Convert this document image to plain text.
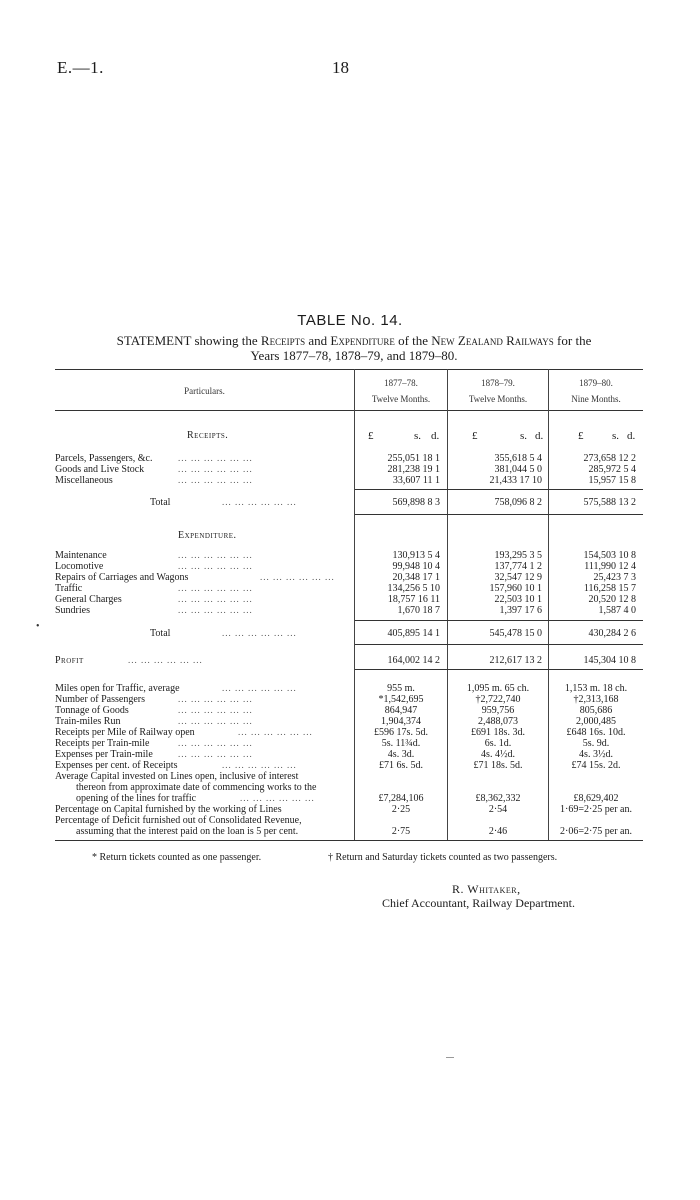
E.—1.	18
TABLE No. 14.
STATEMENT showing the Receipts and Expenditure of the New Zealand Railways for the
Years 1877–78, 1878–79, and 1879–80.
Particulars.
1877–78.
Twelve Months.
1878–79.
Twelve Months.
1879–80.
Nine Months.
Receipts.	£	s. d.	£	s. d.	£	s. d.
Parcels, Passengers, &c.	... ... ... ... ... ...	255,051 18 1	355,618 5 4	273,658 12 2
Goods and Live Stock	... ... ... ... ... ...	281,238 19 1	381,044 5 0	285,972 5 4
Miscellaneous	... ... ... ... ... ...	33,607 11 1	21,433 17 10	15,957 15 8
Total	... ... ... ... ... ...	569,898 8 3	758,096 8 2	575,588 13 2
Expenditure.
Maintenance	... ... ... ... ... ...	130,913 5 4	193,295 3 5	154,503 10 8
Locomotive	... ... ... ... ... ...	99,948 10 4	137,774 1 2	111,990 12 4
Repairs of Carriages and Wagons	... ... ... ... ... ...	20,348 17 1	32,547 12 9	25,423 7 3
Traffic	... ... ... ... ... ...	134,256 5 10	157,960 10 1	116,258 15 7
General Charges	... ... ... ... ... ...	18,757 16 11	22,503 10 1	20,520 12 8
Sundries	... ... ... ... ... ...	1,670 18 7	1,397 17 6	1,587 4 0
•
Total	... ... ... ... ... ...	405,895 14 1	545,478 15 0	430,284 2 6
Profit	... ... ... ... ... ...	164,002 14 2	212,617 13 2	145,304 10 8
Miles open for Traffic, average	... ... ... ... ... ...	955 m.	1,095 m. 65 ch.	1,153 m. 18 ch.
Number of Passengers	... ... ... ... ... ...	*1,542,695	†2,722,740	†2,313,168
Tonnage of Goods	... ... ... ... ... ...	864,947	959,756	805,686
Train-miles Run	... ... ... ... ... ...	1,904,374	2,488,073	2,000,485
Receipts per Mile of Railway open	... ... ... ... ... ...	£596 17s. 5d.	£691 18s. 3d.	£648 16s. 10d.
Receipts per Train-mile	... ... ... ... ... ...	5s. 11¾d.	6s. 1d.	5s. 9d.
Expenses per Train-mile	... ... ... ... ... ...	4s. 3d.	4s. 4½d.	4s. 3½d.
Expenses per cent. of Receipts	... ... ... ... ... ...	£71 6s. 5d.	£71 18s. 5d.	£74 15s. 2d.
Average Capital invested on Lines open, inclusive of interest
thereon from approximate date of commencing works to the
opening of the lines for traffic	... ... ... ... ... ...	£7,284,106	£8,362,332	£8,629,402
Percentage on Capital furnished by the working of Lines	2·25	2·54	1·69=2·25 per an.
Percentage of Deficit furnished out of Consolidated Revenue,
assuming that the interest paid on the loan is 5 per cent.	2·75	2·46	2·06=2·75 per an.
* Return tickets counted as one passenger.	† Return and Saturday tickets counted as two passengers.
R. Whitaker,
Chief Accountant, Railway Department.
